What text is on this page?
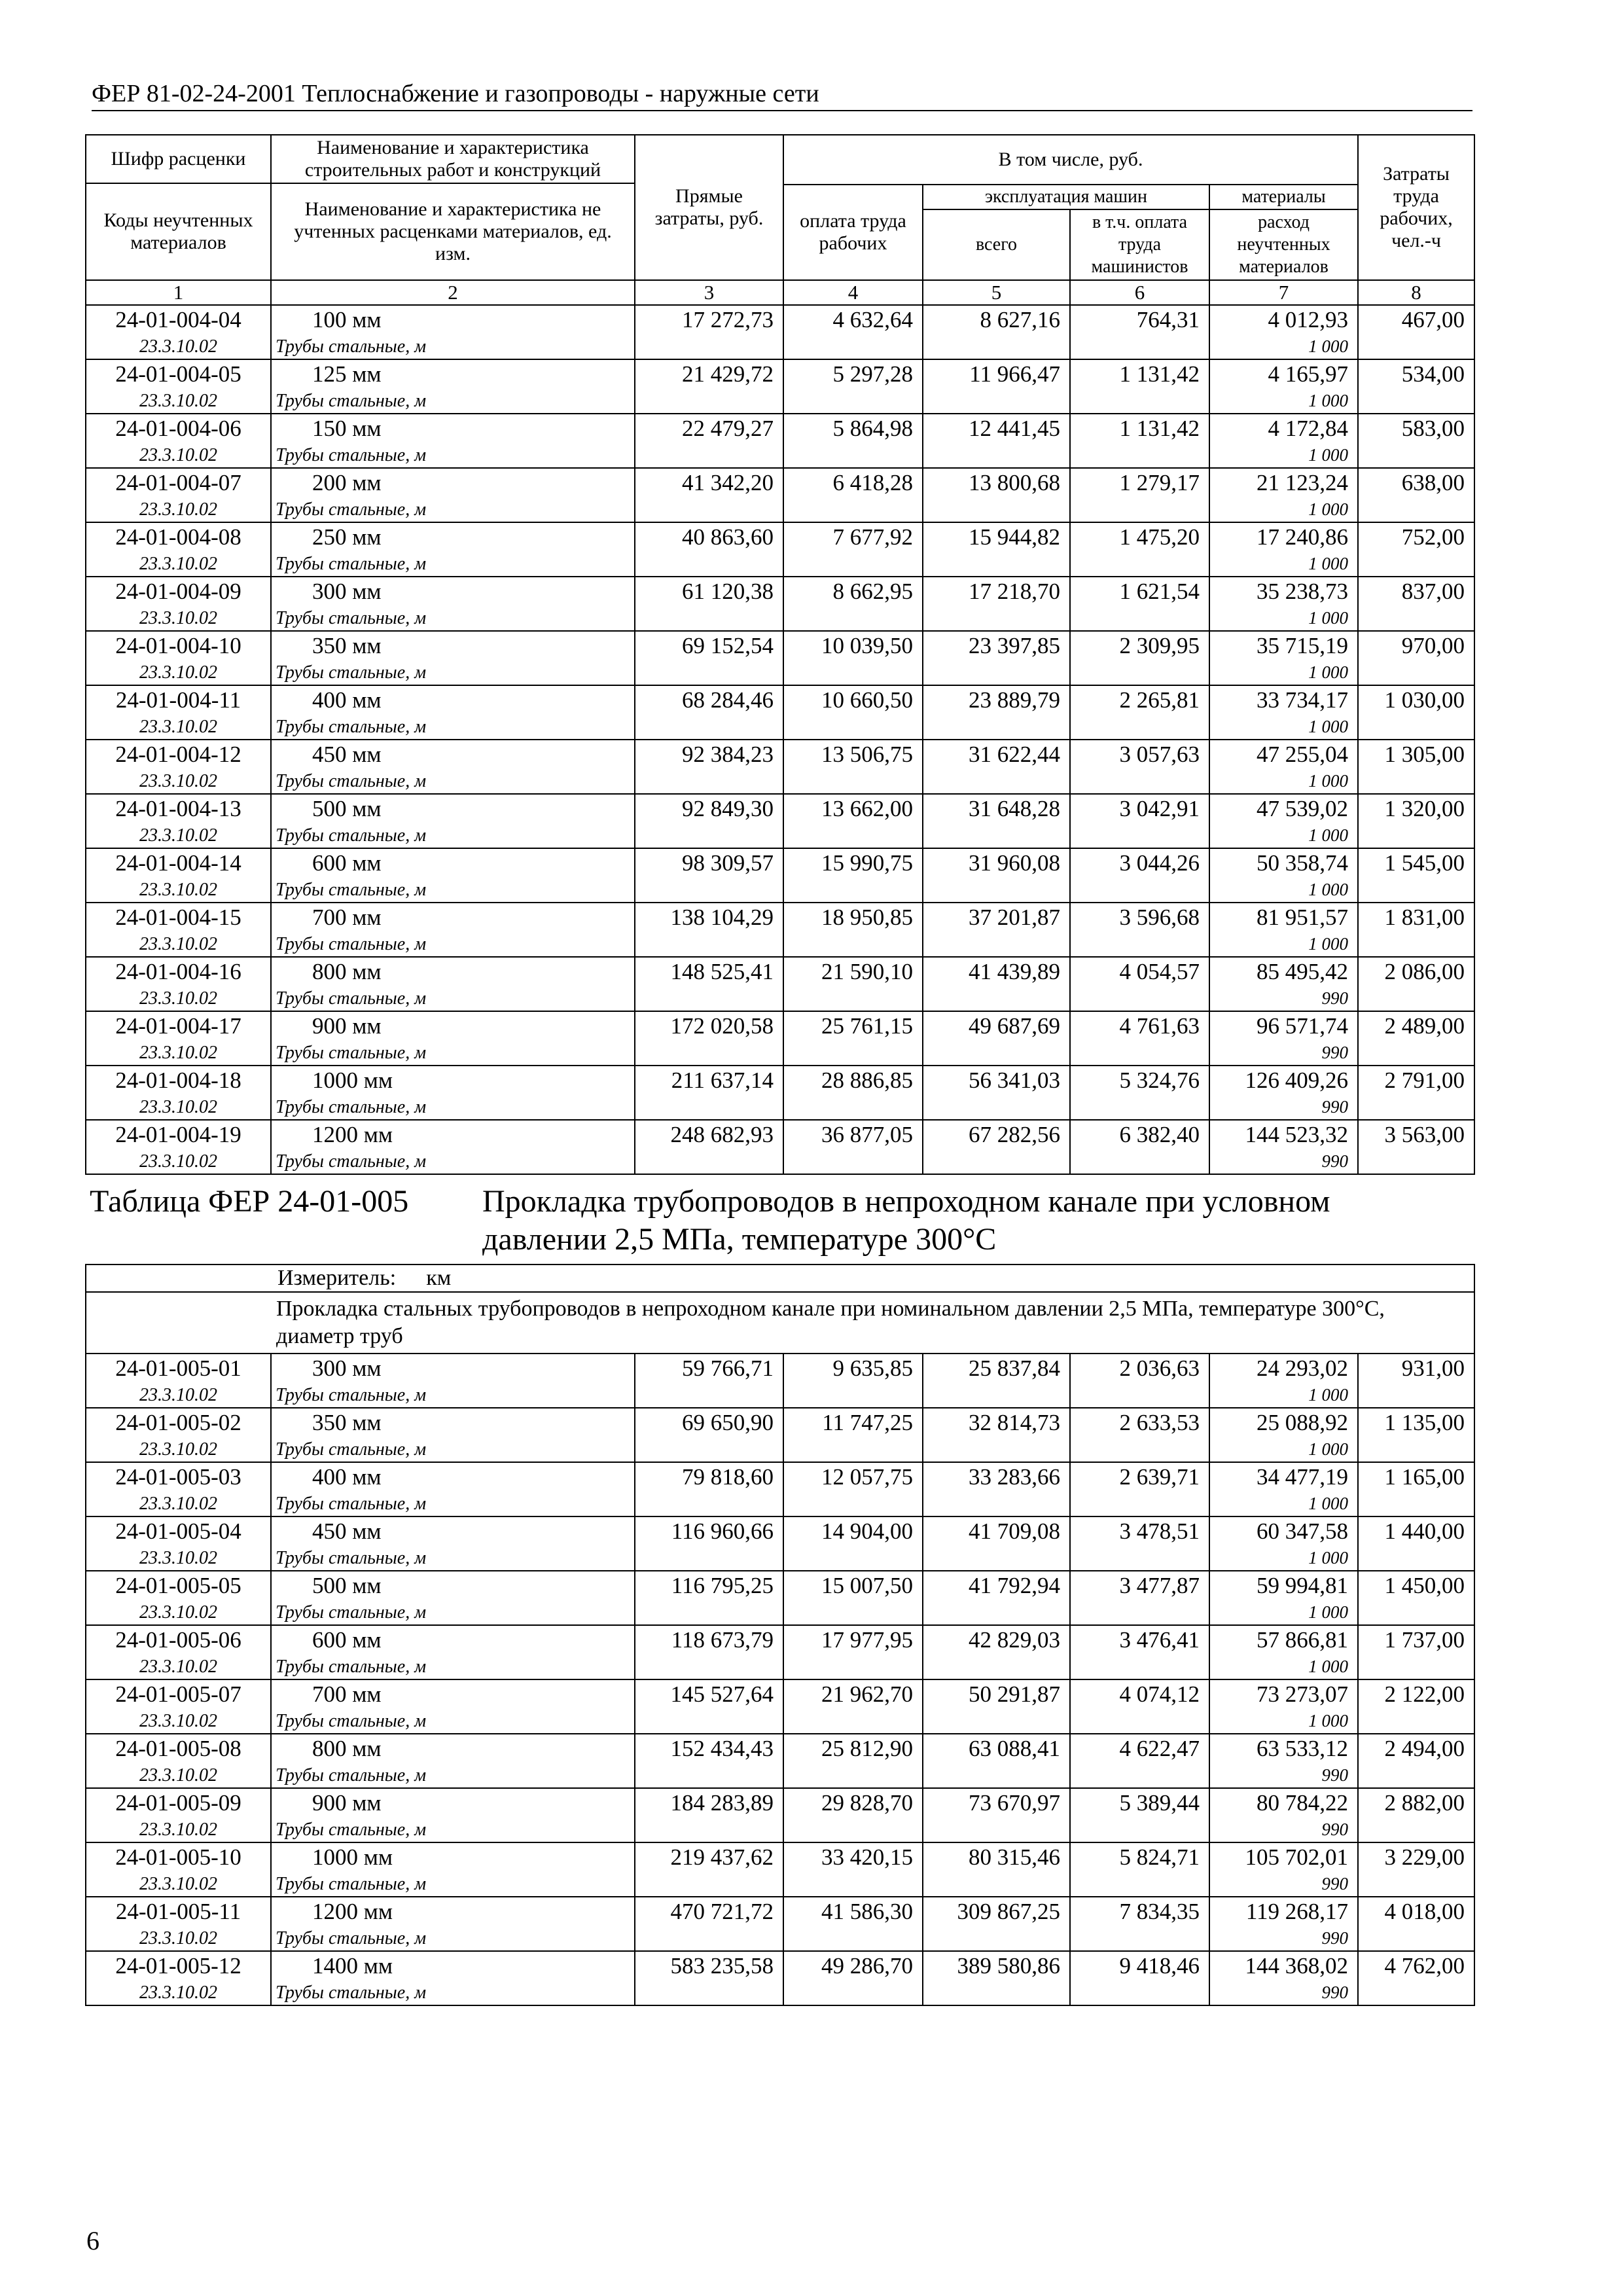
ФЕР 81-02-24-2001 Теплоснабжение и газопроводы - наружные сети
Шифр расценки	Наименование и характеристика строительных работ и конструкций	Прямые затраты, руб.	В том числе, руб.				Затраты труда рабочих, чел.-ч
Коды неучтенных материалов	Наименование и характеристика не учтенных расценками материалов, ед. изм.						
			оплата труда рабочих	эксплуатация машин		материалы	
				всего	в т.ч. оплата труда машинистов	расход неучтенных материалов	
1	2	3	4	5	6	7	8
24-01-004-04	100 мм	17 272,73	4 632,64	8 627,16	764,31	4 012,93	467,00
23.3.10.02	Трубы стальные, м					1 000	
24-01-004-05	125 мм	21 429,72	5 297,28	11 966,47	1 131,42	4 165,97	534,00
23.3.10.02	Трубы стальные, м					1 000	
24-01-004-06	150 мм	22 479,27	5 864,98	12 441,45	1 131,42	4 172,84	583,00
23.3.10.02	Трубы стальные, м					1 000	
24-01-004-07	200 мм	41 342,20	6 418,28	13 800,68	1 279,17	21 123,24	638,00
23.3.10.02	Трубы стальные, м					1 000	
24-01-004-08	250 мм	40 863,60	7 677,92	15 944,82	1 475,20	17 240,86	752,00
23.3.10.02	Трубы стальные, м					1 000	
24-01-004-09	300 мм	61 120,38	8 662,95	17 218,70	1 621,54	35 238,73	837,00
23.3.10.02	Трубы стальные, м					1 000	
24-01-004-10	350 мм	69 152,54	10 039,50	23 397,85	2 309,95	35 715,19	970,00
23.3.10.02	Трубы стальные, м					1 000	
24-01-004-11	400 мм	68 284,46	10 660,50	23 889,79	2 265,81	33 734,17	1 030,00
23.3.10.02	Трубы стальные, м					1 000	
24-01-004-12	450 мм	92 384,23	13 506,75	31 622,44	3 057,63	47 255,04	1 305,00
23.3.10.02	Трубы стальные, м					1 000	
24-01-004-13	500 мм	92 849,30	13 662,00	31 648,28	3 042,91	47 539,02	1 320,00
23.3.10.02	Трубы стальные, м					1 000	
24-01-004-14	600 мм	98 309,57	15 990,75	31 960,08	3 044,26	50 358,74	1 545,00
23.3.10.02	Трубы стальные, м					1 000	
24-01-004-15	700 мм	138 104,29	18 950,85	37 201,87	3 596,68	81 951,57	1 831,00
23.3.10.02	Трубы стальные, м					1 000	
24-01-004-16	800 мм	148 525,41	21 590,10	41 439,89	4 054,57	85 495,42	2 086,00
23.3.10.02	Трубы стальные, м					990	
24-01-004-17	900 мм	172 020,58	25 761,15	49 687,69	4 761,63	96 571,74	2 489,00
23.3.10.02	Трубы стальные, м					990	
24-01-004-18	1000 мм	211 637,14	28 886,85	56 341,03	5 324,76	126 409,26	2 791,00
23.3.10.02	Трубы стальные, м					990	
24-01-004-19	1200 мм	248 682,93	36 877,05	67 282,56	6 382,40	144 523,32	3 563,00
23.3.10.02	Трубы стальные, м					990	
Таблица ФЕР 24-01-005 Прокладка трубопроводов в непроходном канале при условном давлении 2,5 МПа, температуре 300°С							
Измеритель: км							
Прокладка стальных трубопроводов в непроходном канале при номинальном давлении 2,5 МПа, температуре 300°С, диаметр труб							
24-01-005-01	300 мм	59 766,71	9 635,85	25 837,84	2 036,63	24 293,02	931,00
23.3.10.02	Трубы стальные, м					1 000	
24-01-005-02	350 мм	69 650,90	11 747,25	32 814,73	2 633,53	25 088,92	1 135,00
23.3.10.02	Трубы стальные, м					1 000	
24-01-005-03	400 мм	79 818,60	12 057,75	33 283,66	2 639,71	34 477,19	1 165,00
23.3.10.02	Трубы стальные, м					1 000	
24-01-005-04	450 мм	116 960,66	14 904,00	41 709,08	3 478,51	60 347,58	1 440,00
23.3.10.02	Трубы стальные, м					1 000	
24-01-005-05	500 мм	116 795,25	15 007,50	41 792,94	3 477,87	59 994,81	1 450,00
23.3.10.02	Трубы стальные, м					1 000	
24-01-005-06	600 мм	118 673,79	17 977,95	42 829,03	3 476,41	57 866,81	1 737,00
23.3.10.02	Трубы стальные, м					1 000	
24-01-005-07	700 мм	145 527,64	21 962,70	50 291,87	4 074,12	73 273,07	2 122,00
23.3.10.02	Трубы стальные, м					1 000	
24-01-005-08	800 мм	152 434,43	25 812,90	63 088,41	4 622,47	63 533,12	2 494,00
23.3.10.02	Трубы стальные, м					990	
24-01-005-09	900 мм	184 283,89	29 828,70	73 670,97	5 389,44	80 784,22	2 882,00
23.3.10.02	Трубы стальные, м					990	
24-01-005-10	1000 мм	219 437,62	33 420,15	80 315,46	5 824,71	105 702,01	3 229,00
23.3.10.02	Трубы стальные, м					990	
24-01-005-11	1200 мм	470 721,72	41 586,30	309 867,25	7 834,35	119 268,17	4 018,00
23.3.10.02	Трубы стальные, м					990	
24-01-005-12	1400 мм	583 235,58	49 286,70	389 580,86	9 418,46	144 368,02	4 762,00
23.3.10.02	Трубы стальные, м					990	
6
